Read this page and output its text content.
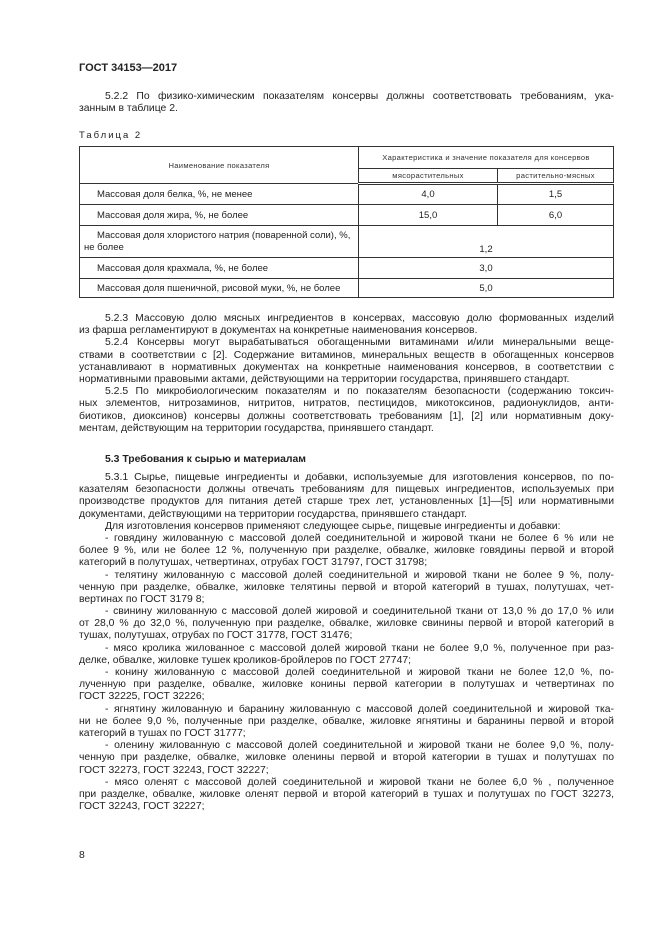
ГОСТ 34153—2017
5.2.2 По физико-химическим показателям консервы должны соответствовать требованиям, ука-
занным в таблице 2.
Таблица 2
Наименование показателя	Характеристика и значение показателя для консервов	
	мясорастительных	растительно-мясных
Массовая доля белка, %, не менее	4,0	1,5
Массовая доля жира, %, не более	15,0	6,0

Массовая доля хлористого натрия (поваренной соли), %,
не более	1,2	
Массовая доля крахмала, %, не более	3,0	
Массовая доля пшеничной, рисовой муки, %, не более	5,0	
5.2.3 Массовую долю мясных ингредиентов в консервах, массовую долю формованных изделий
из фарша регламентируют в документах на конкретные наименования консервов.
5.2.4 Консервы могут вырабатываться обогащенными витаминами и/или минеральными веще-
ствами в соответствии с [2]. Содержание витаминов, минеральных веществ в обогащенных консервов
устанавливают в нормативных документах на конкретные наименования консервов, в соответствии с
нормативными правовыми актами, действующими на территории государства, принявшего стандарт.
5.2.5 По микробиологическим показателям и по показателям безопасности (содержанию токсич-
ных элементов, нитрозаминов, нитритов, нитратов, пестицидов, микотоксинов, радионуклидов, анти-
биотиков, диоксинов) консервы должны соответствовать требованиям [1], [2] или нормативным доку-
ментам, действующим на территории государства, принявшего стандарт.
5.3 Требования к сырью и материалам
5.3.1 Сырье, пищевые ингредиенты и добавки, используемые для изготовления консервов, по по-
казателям безопасности должны отвечать требованиям для пищевых ингредиентов, используемых при
производстве продуктов для питания детей старше трех лет, установленных [1]—[5] или нормативными
документами, действующими на территории государства, принявшего стандарт.
Для изготовления консервов применяют следующее сырье, пищевые ингредиенты и добавки:
- говядину жилованную с массовой долей соединительной и жировой ткани не более 6 % или не
более 9 %, или не более 12 %, полученную при разделке, обвалке, жиловке говядины первой и второй
категорий в полутушах, четвертинах, отрубах ГОСТ 31797, ГОСТ 31798;
- телятину жилованную с массовой долей соединительной и жировой ткани не более 9 %, полу-
ченную при разделке, обвалке, жиловке телятины первой и второй категорий в тушах, полутушах, чет-
вертинах по ГОСТ 3179 8;
- свинину жилованную с массовой долей жировой и соединительной ткани от 13,0 % до 17,0 % или
от 28,0 % до 32,0 %, полученную при разделке, обвалке, жиловке свинины первой и второй категорий в
тушах, полутушах, отрубах по ГОСТ 31778, ГОСТ 31476;
- мясо кролика жилованное с массовой долей жировой ткани не более 9,0 %, полученное при раз-
делке, обвалке, жиловке тушек кроликов-бройлеров по ГОСТ 27747;
- конину жилованную с массовой долей соединительной и жировой ткани не более 12,0 %, по-
лученную при разделке, обвалке, жиловке конины первой категории в полутушах и четвертинах по
ГОСТ 32225, ГОСТ 32226;
- ягнятину жилованную и баранину жилованную с массовой долей соединительной и жировой тка-
ни не более 9,0 %, полученные при разделке, обвалке, жиловке ягнятины и баранины первой и второй
категорий в тушах по ГОСТ 31777;
- оленину жилованную с массовой долей соединительной и жировой ткани не более 9,0 %, полу-
ченную при разделке, обвалке, жиловке оленины первой и второй категории в тушах и полутушах по
ГОСТ 32273, ГОСТ 32243, ГОСТ 32227;
- мясо оленят с массовой долей соединительной и жировой ткани не более 6,0 % , полученное
при разделке, обвалке, жиловке оленят первой и второй категорий в тушах и полутушах по ГОСТ 32273,
ГОСТ 32243, ГОСТ 32227;
8
